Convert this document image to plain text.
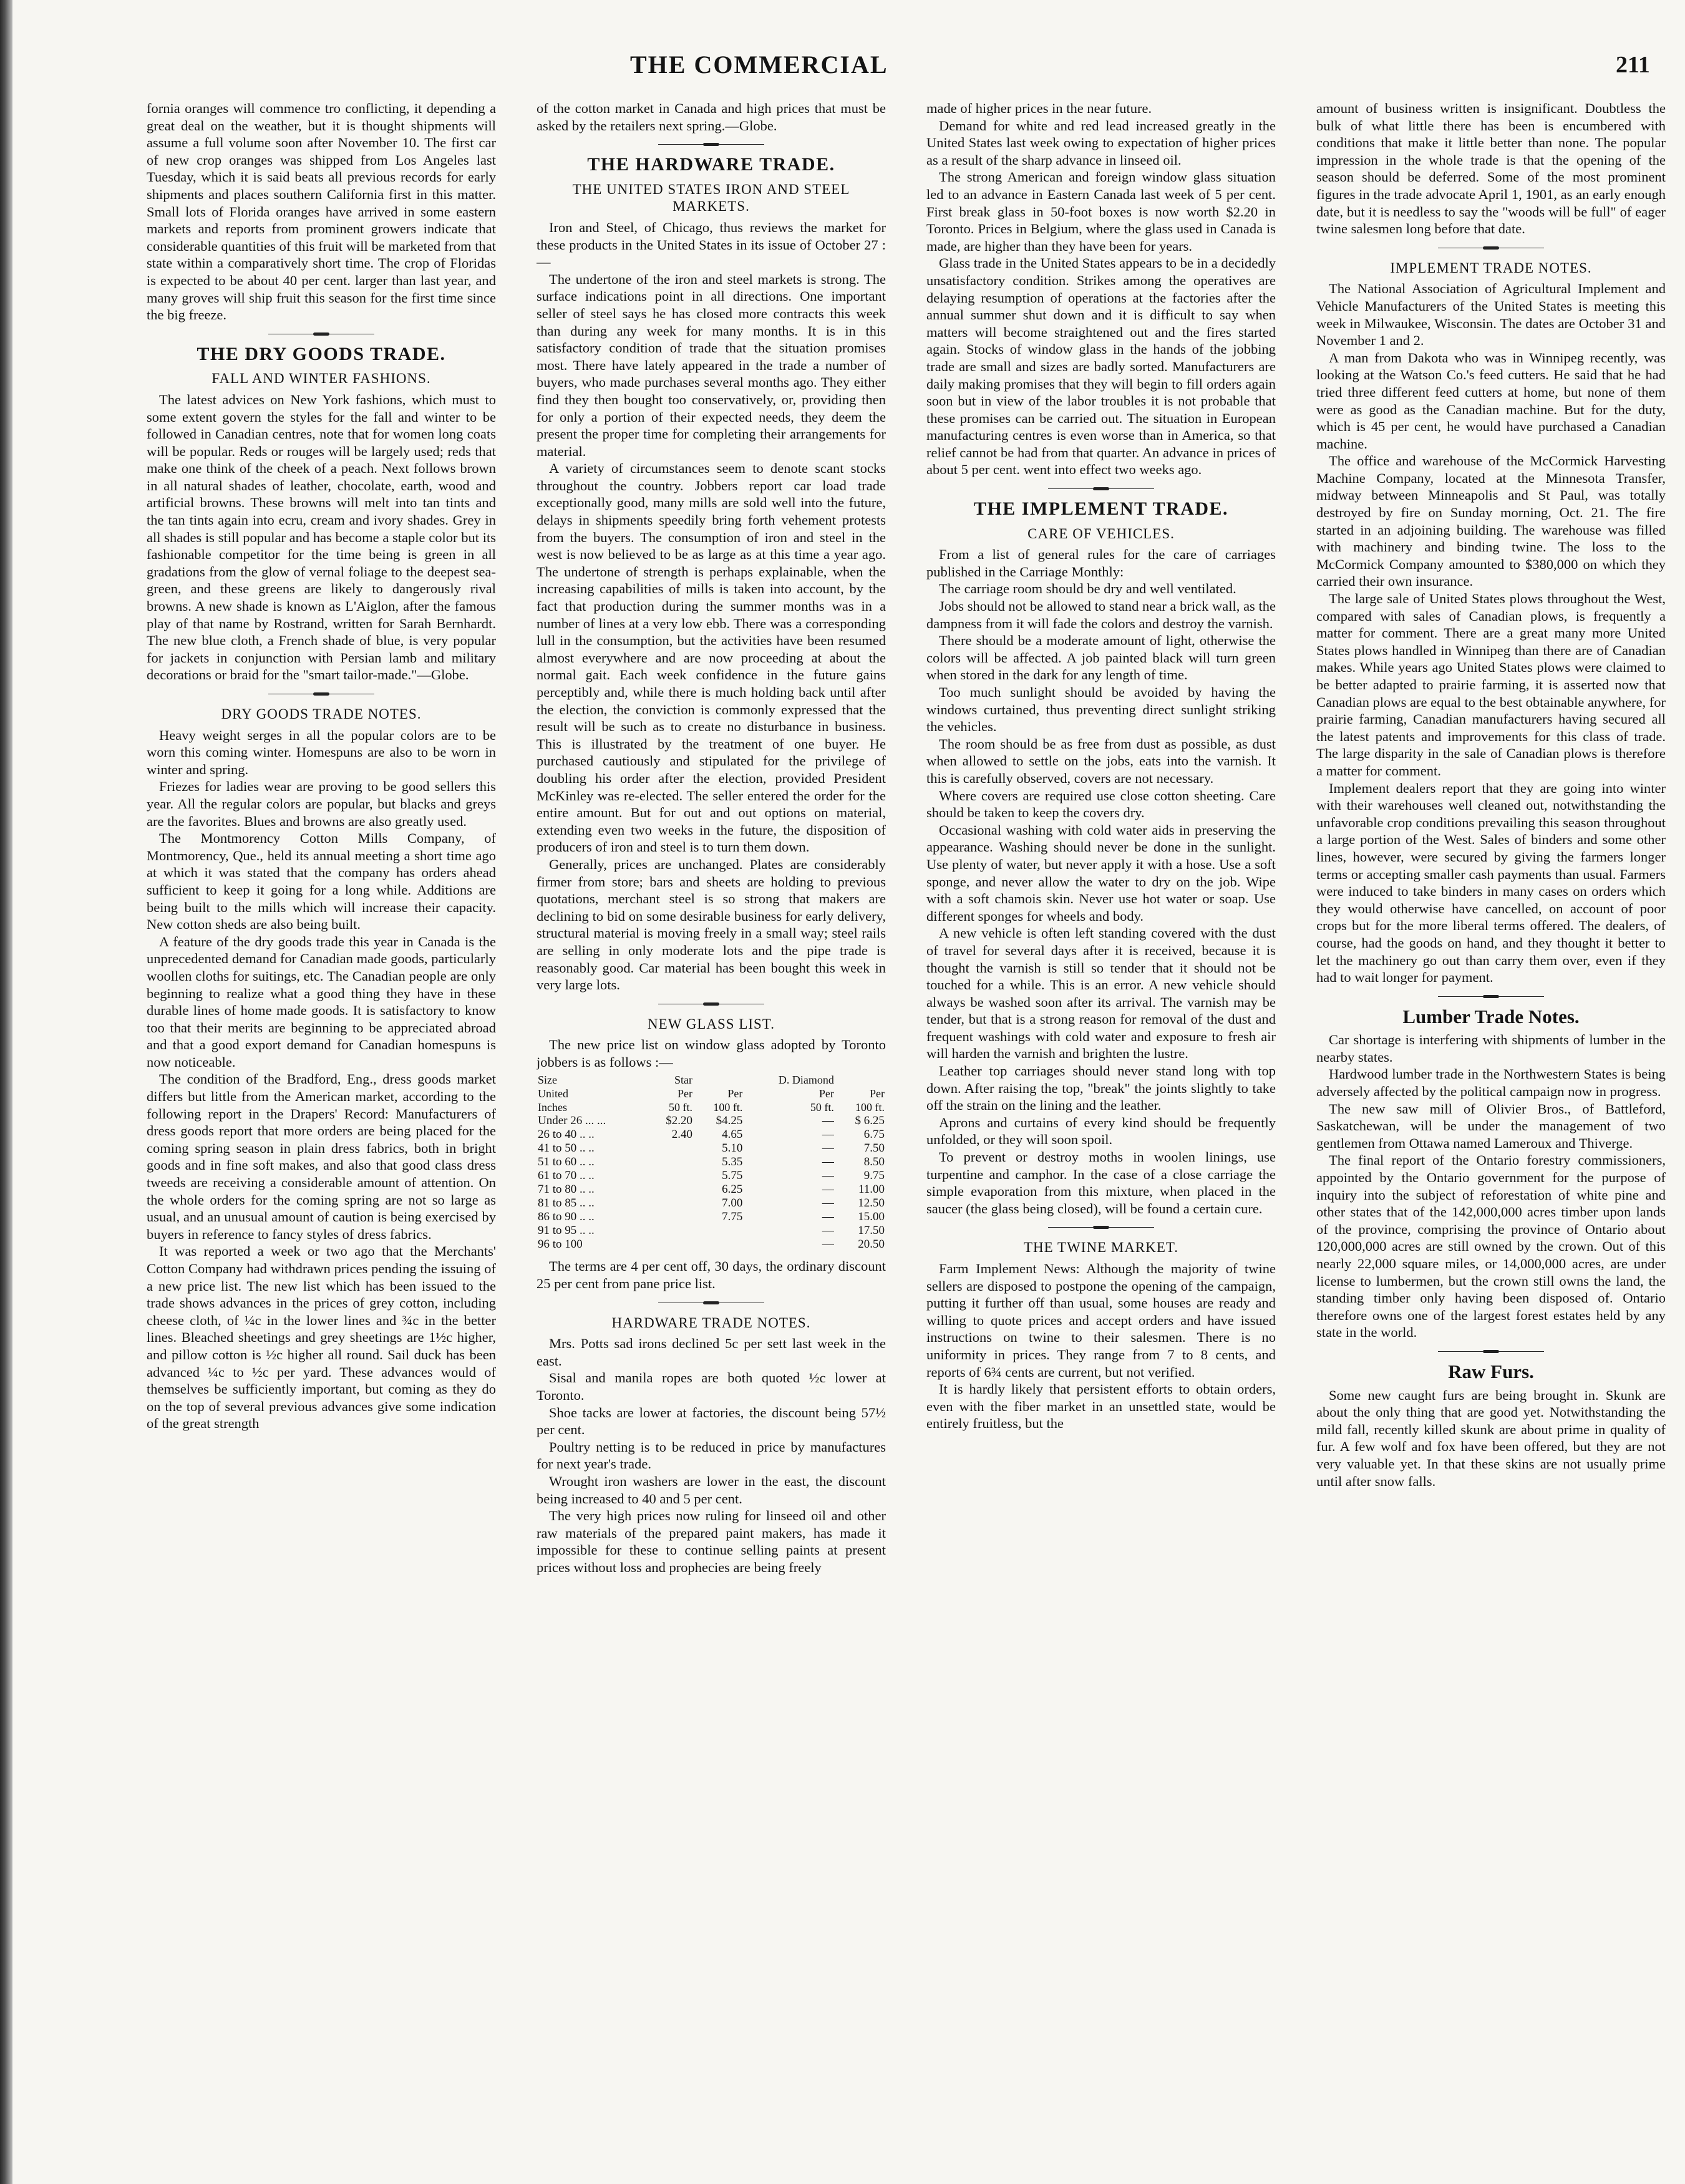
THE COMMERCIAL	211

fornia oranges will commence tro conflicting, it depending a great deal on the weather, but it is thought shipments will assume a full volume soon after November 10. The first car of new crop oranges was shipped from Los Angeles last Tuesday, which it is said beats all previous records for early shipments and places southern California first in this matter. Small lots of Florida oranges have arrived in some eastern markets and reports from prominent growers indicate that considerable quantities of this fruit will be marketed from that state within a comparatively short time. The crop of Floridas is expected to be about 40 per cent. larger than last year, and many groves will ship fruit this season for the first time since the big freeze.

THE DRY GOODS TRADE.
FALL AND WINTER FASHIONS.

The latest advices on New York fashions, which must to some extent govern the styles for the fall and winter to be followed in Canadian centres, note that for women long coats will be popular. Reds or rouges will be largely used; reds that make one think of the cheek of a peach. Next follows brown in all natural shades of leather, chocolate, earth, wood and artificial browns. These browns will melt into tan tints and the tan tints again into ecru, cream and ivory shades. Grey in all shades is still popular and has become a staple color but its fashionable competitor for the time being is green in all gradations from the glow of vernal foliage to the deepest sea-green, and these greens are likely to dangerously rival browns. A new shade is known as L'Aiglon, after the famous play of that name by Rostrand, written for Sarah Bernhardt. The new blue cloth, a French shade of blue, is very popular for jackets in conjunction with Persian lamb and military decorations or braid for the "smart tailor-made."—Globe.

DRY GOODS TRADE NOTES.

Heavy weight serges in all the popular colors are to be worn this coming winter. Homespuns are also to be worn in winter and spring.

Friezes for ladies wear are proving to be good sellers this year. All the regular colors are popular, but blacks and greys are the favorites. Blues and browns are also greatly used.

The Montmorency Cotton Mills Company, of Montmorency, Que., held its annual meeting a short time ago at which it was stated that the company has orders ahead sufficient to keep it going for a long while. Additions are being built to the mills which will increase their capacity. New cotton sheds are also being built.

A feature of the dry goods trade this year in Canada is the unprecedented demand for Canadian made goods, particularly woollen cloths for suitings, etc. The Canadian people are only beginning to realize what a good thing they have in these durable lines of home made goods. It is satisfactory to know too that their merits are beginning to be appreciated abroad and that a good export demand for Canadian homespuns is now noticeable.

The condition of the Bradford, Eng., dress goods market differs but little from the American market, according to the following report in the Drapers' Record: Manufacturers of dress goods report that more orders are being placed for the coming spring season in plain dress fabrics, both in bright goods and in fine soft makes, and also that good class dress tweeds are receiving a considerable amount of attention. On the whole orders for the coming spring are not so large as usual, and an unusual amount of caution is being exercised by buyers in reference to fancy styles of dress fabrics.

It was reported a week or two ago that the Merchants' Cotton Company had withdrawn prices pending the issuing of a new price list. The new list which has been issued to the trade shows advances in the prices of grey cotton, including cheese cloth, of ¼c in the lower lines and ¾c in the better lines. Bleached sheetings and grey sheetings are 1½c higher, and pillow cotton is ½c higher all round. Sail duck has been advanced ¼c to ½c per yard. These advances would of themselves be sufficiently important, but coming as they do on the top of several previous advances give some indication of the great strength

of the cotton market in Canada and high prices that must be asked by the retailers next spring.—Globe.

THE HARDWARE TRADE.
THE UNITED STATES IRON AND STEEL MARKETS.

Iron and Steel, of Chicago, thus reviews the market for these products in the United States in its issue of October 27 :—

The undertone of the iron and steel markets is strong. The surface indications point in all directions. One important seller of steel says he has closed more contracts this week than during any week for many months. It is in this satisfactory condition of trade that the situation promises most. There have lately appeared in the trade a number of buyers, who made purchases several months ago. They either find they then bought too conservatively, or, providing then for only a portion of their expected needs, they deem the present the proper time for completing their arrangements for material.

A variety of circumstances seem to denote scant stocks throughout the country. Jobbers report car load trade exceptionally good, many mills are sold well into the future, delays in shipments speedily bring forth vehement protests from the buyers. The consumption of iron and steel in the west is now believed to be as large as at this time a year ago. The undertone of strength is perhaps explainable, when the increasing capabilities of mills is taken into account, by the fact that production during the summer months was in a number of lines at a very low ebb. There was a corresponding lull in the consumption, but the activities have been resumed almost everywhere and are now proceeding at about the normal gait. Each week confidence in the future gains perceptibly and, while there is much holding back until after the election, the conviction is commonly expressed that the result will be such as to create no disturbance in business. This is illustrated by the treatment of one buyer. He purchased cautiously and stipulated for the privilege of doubling his order after the election, provided President McKinley was re-elected. The seller entered the order for the entire amount. But for out and out options on material, extending even two weeks in the future, the disposition of producers of iron and steel is to turn them down.

Generally, prices are unchanged. Plates are considerably firmer from store; bars and sheets are holding to previous quotations, merchant steel is so strong that makers are declining to bid on some desirable business for early delivery, structural material is moving freely in a small way; steel rails are selling in only moderate lots and the pipe trade is reasonably good. Car material has been bought this week in very large lots.

NEW GLASS LIST.

The new price list on window glass adopted by Toronto jobbers is as follows :—

Size	Star		D. Diamond	
United	Per	Per	Per	Per
Inches	50 ft.	100 ft.	50 ft.	100 ft.
Under 26 ... ...	$2.20	$4.25	—	$ 6.25
26 to 40 .. ..	2.40	4.65	—	6.75
41 to 50 .. ..		5.10	—	7.50
51 to 60 .. ..		5.35	—	8.50
61 to 70 .. ..		5.75	—	9.75
71 to 80 .. ..		6.25	—	11.00
81 to 85 .. ..		7.00	—	12.50
86 to 90 .. ..		7.75	—	15.00
91 to 95 .. ..			—	17.50
96 to 100			—	20.50

The terms are 4 per cent off, 30 days, the ordinary discount 25 per cent from pane price list.

HARDWARE TRADE NOTES.

Mrs. Potts sad irons declined 5c per sett last week in the east.

Sisal and manila ropes are both quoted ½c lower at Toronto.

Shoe tacks are lower at factories, the discount being 57½ per cent.

Poultry netting is to be reduced in price by manufactures for next year's trade.

Wrought iron washers are lower in the east, the discount being increased to 40 and 5 per cent.

The very high prices now ruling for linseed oil and other raw materials of the prepared paint makers, has made it impossible for these to continue selling paints at present prices without loss and prophecies are being freely

made of higher prices in the near future.

Demand for white and red lead increased greatly in the United States last week owing to expectation of higher prices as a result of the sharp advance in linseed oil.

The strong American and foreign window glass situation led to an advance in Eastern Canada last week of 5 per cent. First break glass in 50-foot boxes is now worth $2.20 in Toronto. Prices in Belgium, where the glass used in Canada is made, are higher than they have been for years.

Glass trade in the United States appears to be in a decidedly unsatisfactory condition. Strikes among the operatives are delaying resumption of operations at the factories after the annual summer shut down and it is difficult to say when matters will become straightened out and the fires started again. Stocks of window glass in the hands of the jobbing trade are small and sizes are badly sorted. Manufacturers are daily making promises that they will begin to fill orders again soon but in view of the labor troubles it is not probable that these promises can be carried out. The situation in European manufacturing centres is even worse than in America, so that relief cannot be had from that quarter. An advance in prices of about 5 per cent. went into effect two weeks ago.

THE IMPLEMENT TRADE.
CARE OF VEHICLES.

From a list of general rules for the care of carriages published in the Carriage Monthly:

The carriage room should be dry and well ventilated.

Jobs should not be allowed to stand near a brick wall, as the dampness from it will fade the colors and destroy the varnish.

There should be a moderate amount of light, otherwise the colors will be affected. A job painted black will turn green when stored in the dark for any length of time.

Too much sunlight should be avoided by having the windows curtained, thus preventing direct sunlight striking the vehicles.

The room should be as free from dust as possible, as dust when allowed to settle on the jobs, eats into the varnish. It this is carefully observed, covers are not necessary.

Where covers are required use close cotton sheeting. Care should be taken to keep the covers dry.

Occasional washing with cold water aids in preserving the appearance. Washing should never be done in the sunlight. Use plenty of water, but never apply it with a hose. Use a soft sponge, and never allow the water to dry on the job. Wipe with a soft chamois skin. Never use hot water or soap. Use different sponges for wheels and body.

A new vehicle is often left standing covered with the dust of travel for several days after it is received, because it is thought the varnish is still so tender that it should not be touched for a while. This is an error. A new vehicle should always be washed soon after its arrival. The varnish may be tender, but that is a strong reason for removal of the dust and frequent washings with cold water and exposure to fresh air will harden the varnish and brighten the lustre.

Leather top carriages should never stand long with top down. After raising the top, "break" the joints slightly to take off the strain on the lining and the leather.

Aprons and curtains of every kind should be frequently unfolded, or they will soon spoil.

To prevent or destroy moths in woolen linings, use turpentine and camphor. In the case of a close carriage the simple evaporation from this mixture, when placed in the saucer (the glass being closed), will be found a certain cure.

THE TWINE MARKET.

Farm Implement News: Although the majority of twine sellers are disposed to postpone the opening of the campaign, putting it further off than usual, some houses are ready and willing to quote prices and accept orders and have issued instructions on twine to their salesmen. There is no uniformity in prices. They range from 7 to 8 cents, and reports of 6¾ cents are current, but not verified.

It is hardly likely that persistent efforts to obtain orders, even with the fiber market in an unsettled state, would be entirely fruitless, but the

amount of business written is insignificant. Doubtless the bulk of what little there has been is encumbered with conditions that make it little better than none. The popular impression in the whole trade is that the opening of the season should be deferred. Some of the most prominent figures in the trade advocate April 1, 1901, as an early enough date, but it is needless to say the "woods will be full" of eager twine salesmen long before that date.

IMPLEMENT TRADE NOTES.

The National Association of Agricultural Implement and Vehicle Manufacturers of the United States is meeting this week in Milwaukee, Wisconsin. The dates are October 31 and November 1 and 2.

A man from Dakota who was in Winnipeg recently, was looking at the Watson Co.'s feed cutters. He said that he had tried three different feed cutters at home, but none of them were as good as the Canadian machine. But for the duty, which is 45 per cent, he would have purchased a Canadian machine.

The office and warehouse of the McCormick Harvesting Machine Company, located at the Minnesota Transfer, midway between Minneapolis and St Paul, was totally destroyed by fire on Sunday morning, Oct. 21. The fire started in an adjoining building. The warehouse was filled with machinery and binding twine. The loss to the McCormick Company amounted to $380,000 on which they carried their own insurance.

The large sale of United States plows throughout the West, compared with sales of Canadian plows, is frequently a matter for comment. There are a great many more United States plows handled in Winnipeg than there are of Canadian makes. While years ago United States plows were claimed to be better adapted to prairie farming, it is asserted now that Canadian plows are equal to the best obtainable anywhere, for prairie farming, Canadian manufacturers having secured all the latest patents and improvements for this class of trade. The large disparity in the sale of Canadian plows is therefore a matter for comment.

Implement dealers report that they are going into winter with their warehouses well cleaned out, notwithstanding the unfavorable crop conditions prevailing this season throughout a large portion of the West. Sales of binders and some other lines, however, were secured by giving the farmers longer terms or accepting smaller cash payments than usual. Farmers were induced to take binders in many cases on orders which they would otherwise have cancelled, on account of poor crops but for the more liberal terms offered. The dealers, of course, had the goods on hand, and they thought it better to let the machinery go out than carry them over, even if they had to wait longer for payment.

Lumber Trade Notes.

Car shortage is interfering with shipments of lumber in the nearby states.

Hardwood lumber trade in the Northwestern States is being adversely affected by the political campaign now in progress.

The new saw mill of Olivier Bros., of Battleford, Saskatchewan, will be under the management of two gentlemen from Ottawa named Lameroux and Thiverge.

The final report of the Ontario forestry commissioners, appointed by the Ontario government for the purpose of inquiry into the subject of reforestation of white pine and other states that of the 142,000,000 acres timber upon lands of the province, comprising the province of Ontario about 120,000,000 acres are still owned by the crown. Out of this nearly 22,000 square miles, or 14,000,000 acres, are under license to lumbermen, but the crown still owns the land, the standing timber only having been disposed of. Ontario therefore owns one of the largest forest estates held by any state in the world.

Raw Furs.

Some new caught furs are being brought in. Skunk are about the only thing that are good yet. Notwithstanding the mild fall, recently killed skunk are about prime in quality of fur. A few wolf and fox have been offered, but they are not very valuable yet. In that these skins are not usually prime until after snow falls.
